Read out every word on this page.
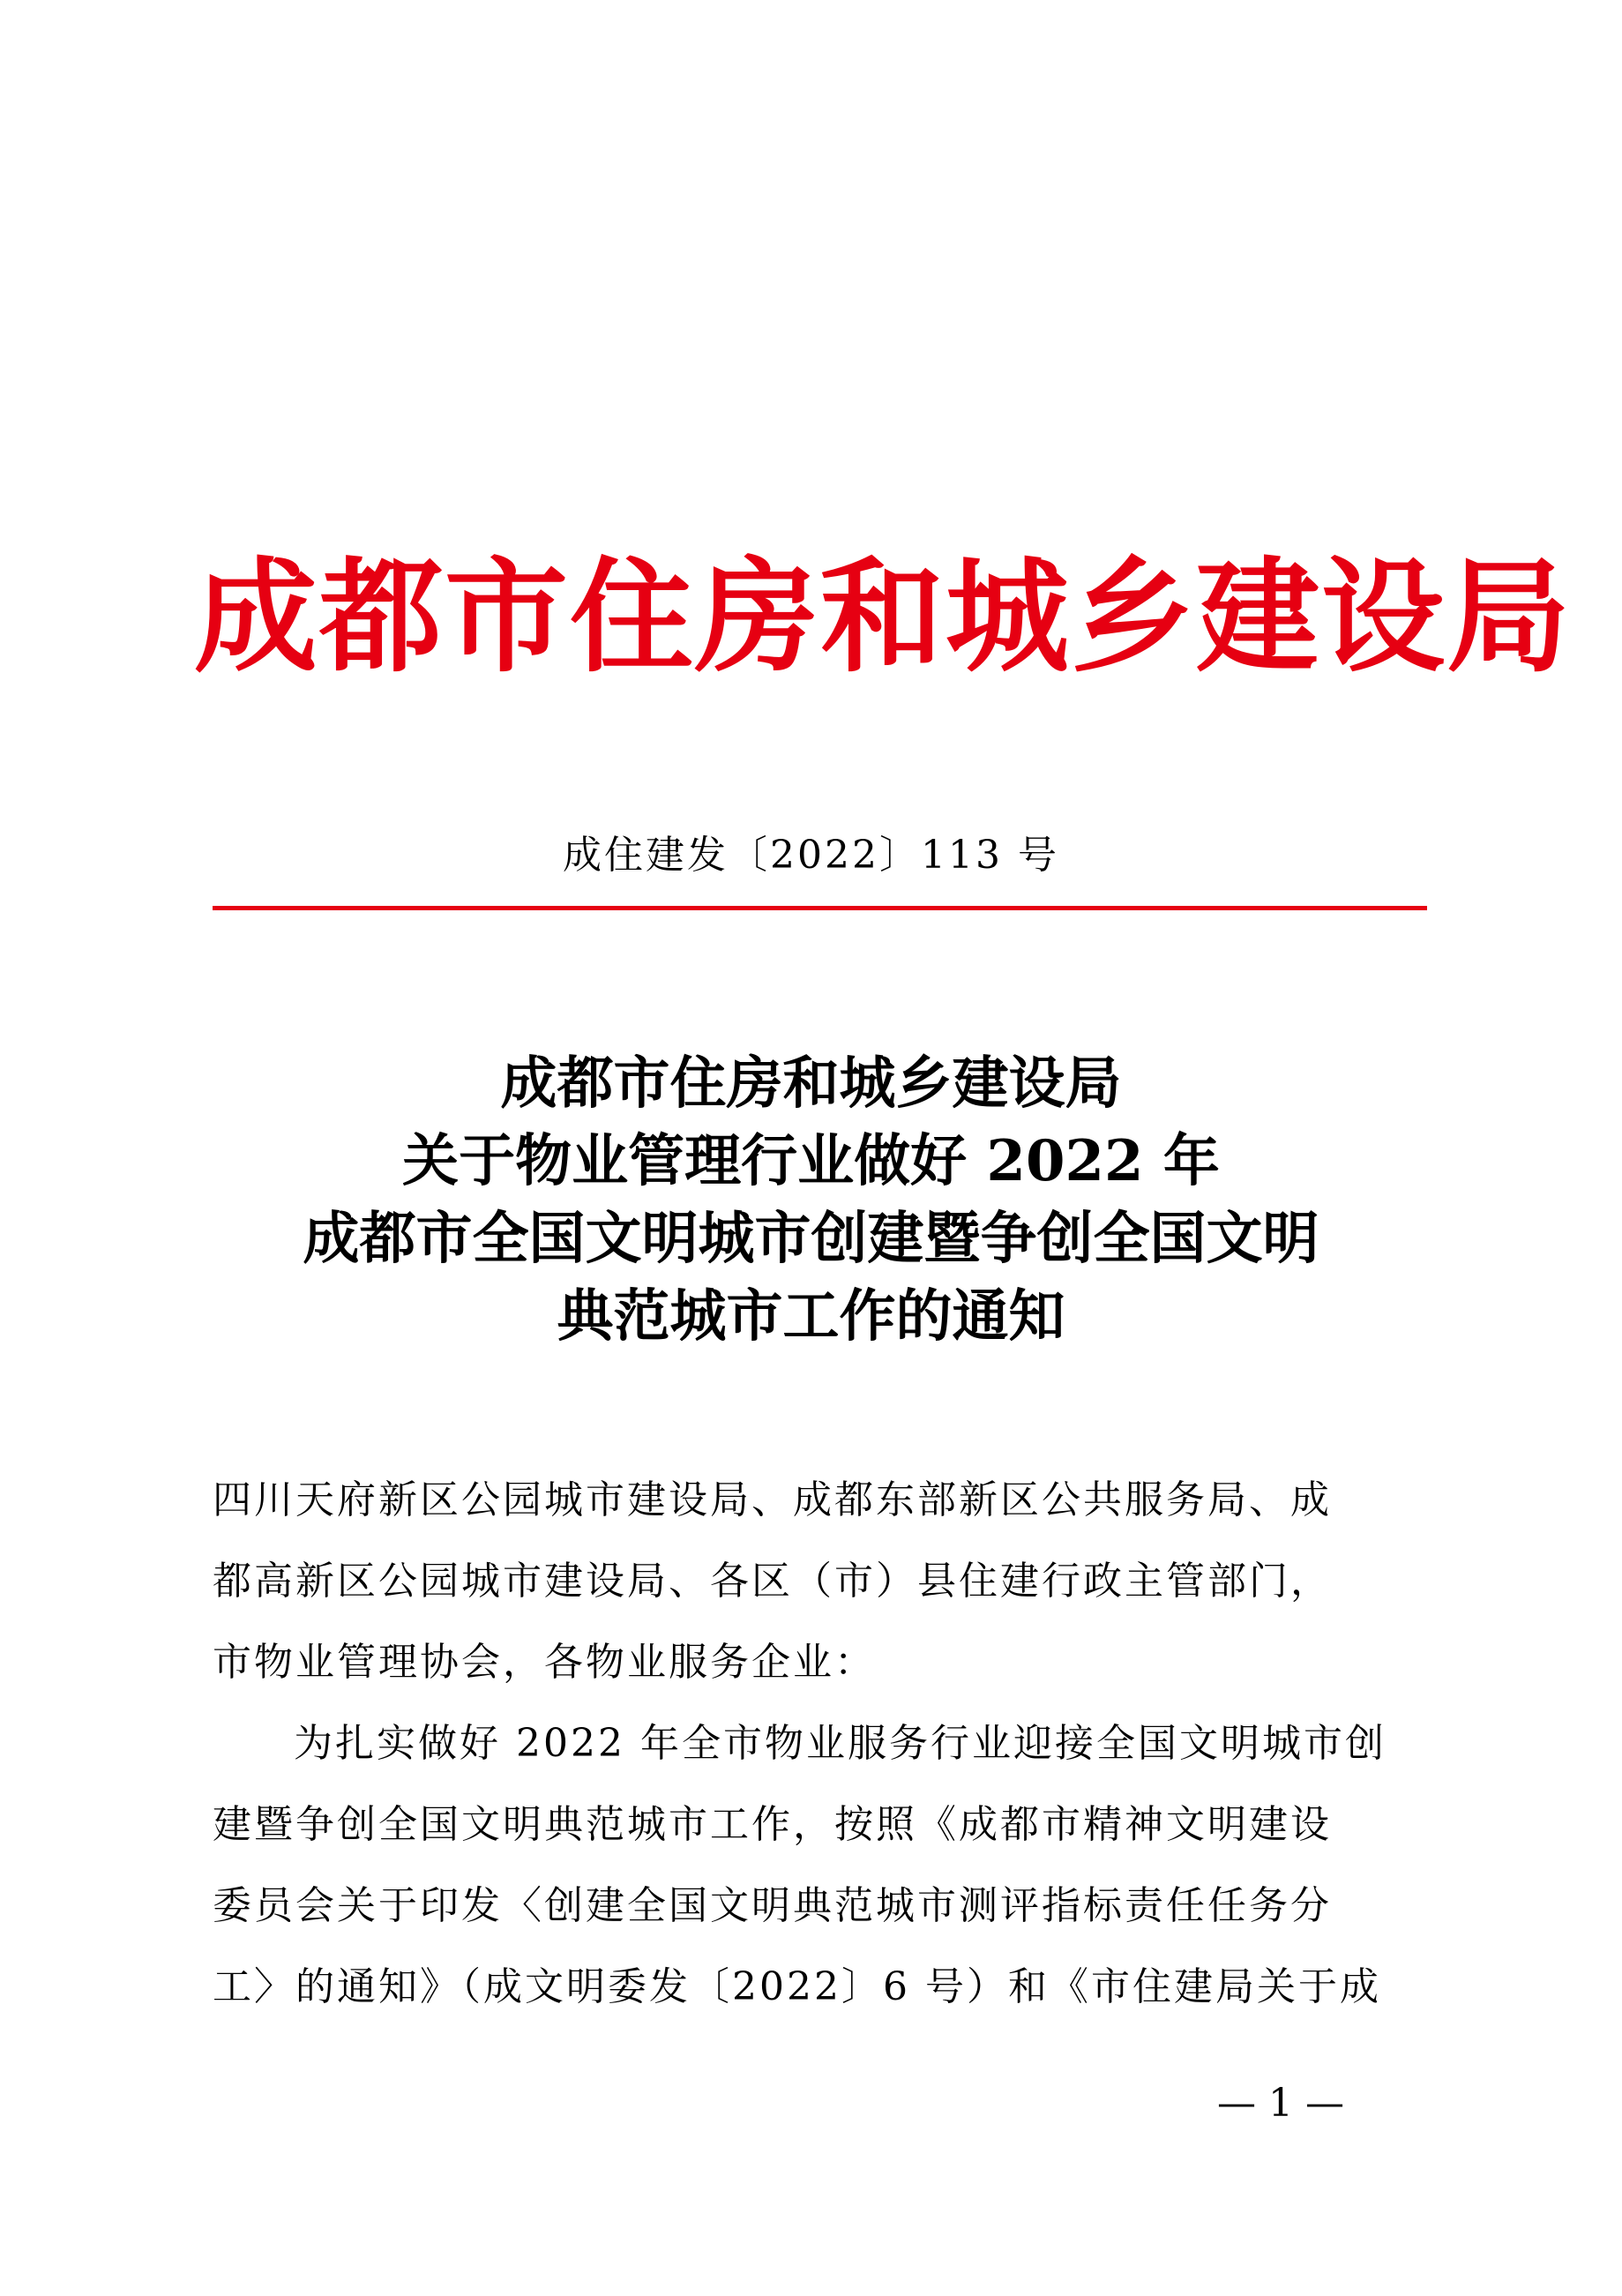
成都市住房和城乡建设局
成住建发〔2022〕113 号
成都市住房和城乡建设局
关于物业管理行业做好 2022 年
成都市全国文明城市创建暨争创全国文明
典范城市工作的通知
四川天府新区公园城市建设局、成都东部新区公共服务局、成
都高新区公园城市建设局、各区（市）县住建行政主管部门，
市物业管理协会，各物业服务企业：
为扎实做好 2022 年全市物业服务行业迎接全国文明城市创
建暨争创全国文明典范城市工作，按照《成都市精神文明建设
委员会关于印发〈创建全国文明典范城市测评指标责任任务分
工〉的通知》（成文明委发〔2022〕6 号）和《市住建局关于成
— 1 —
